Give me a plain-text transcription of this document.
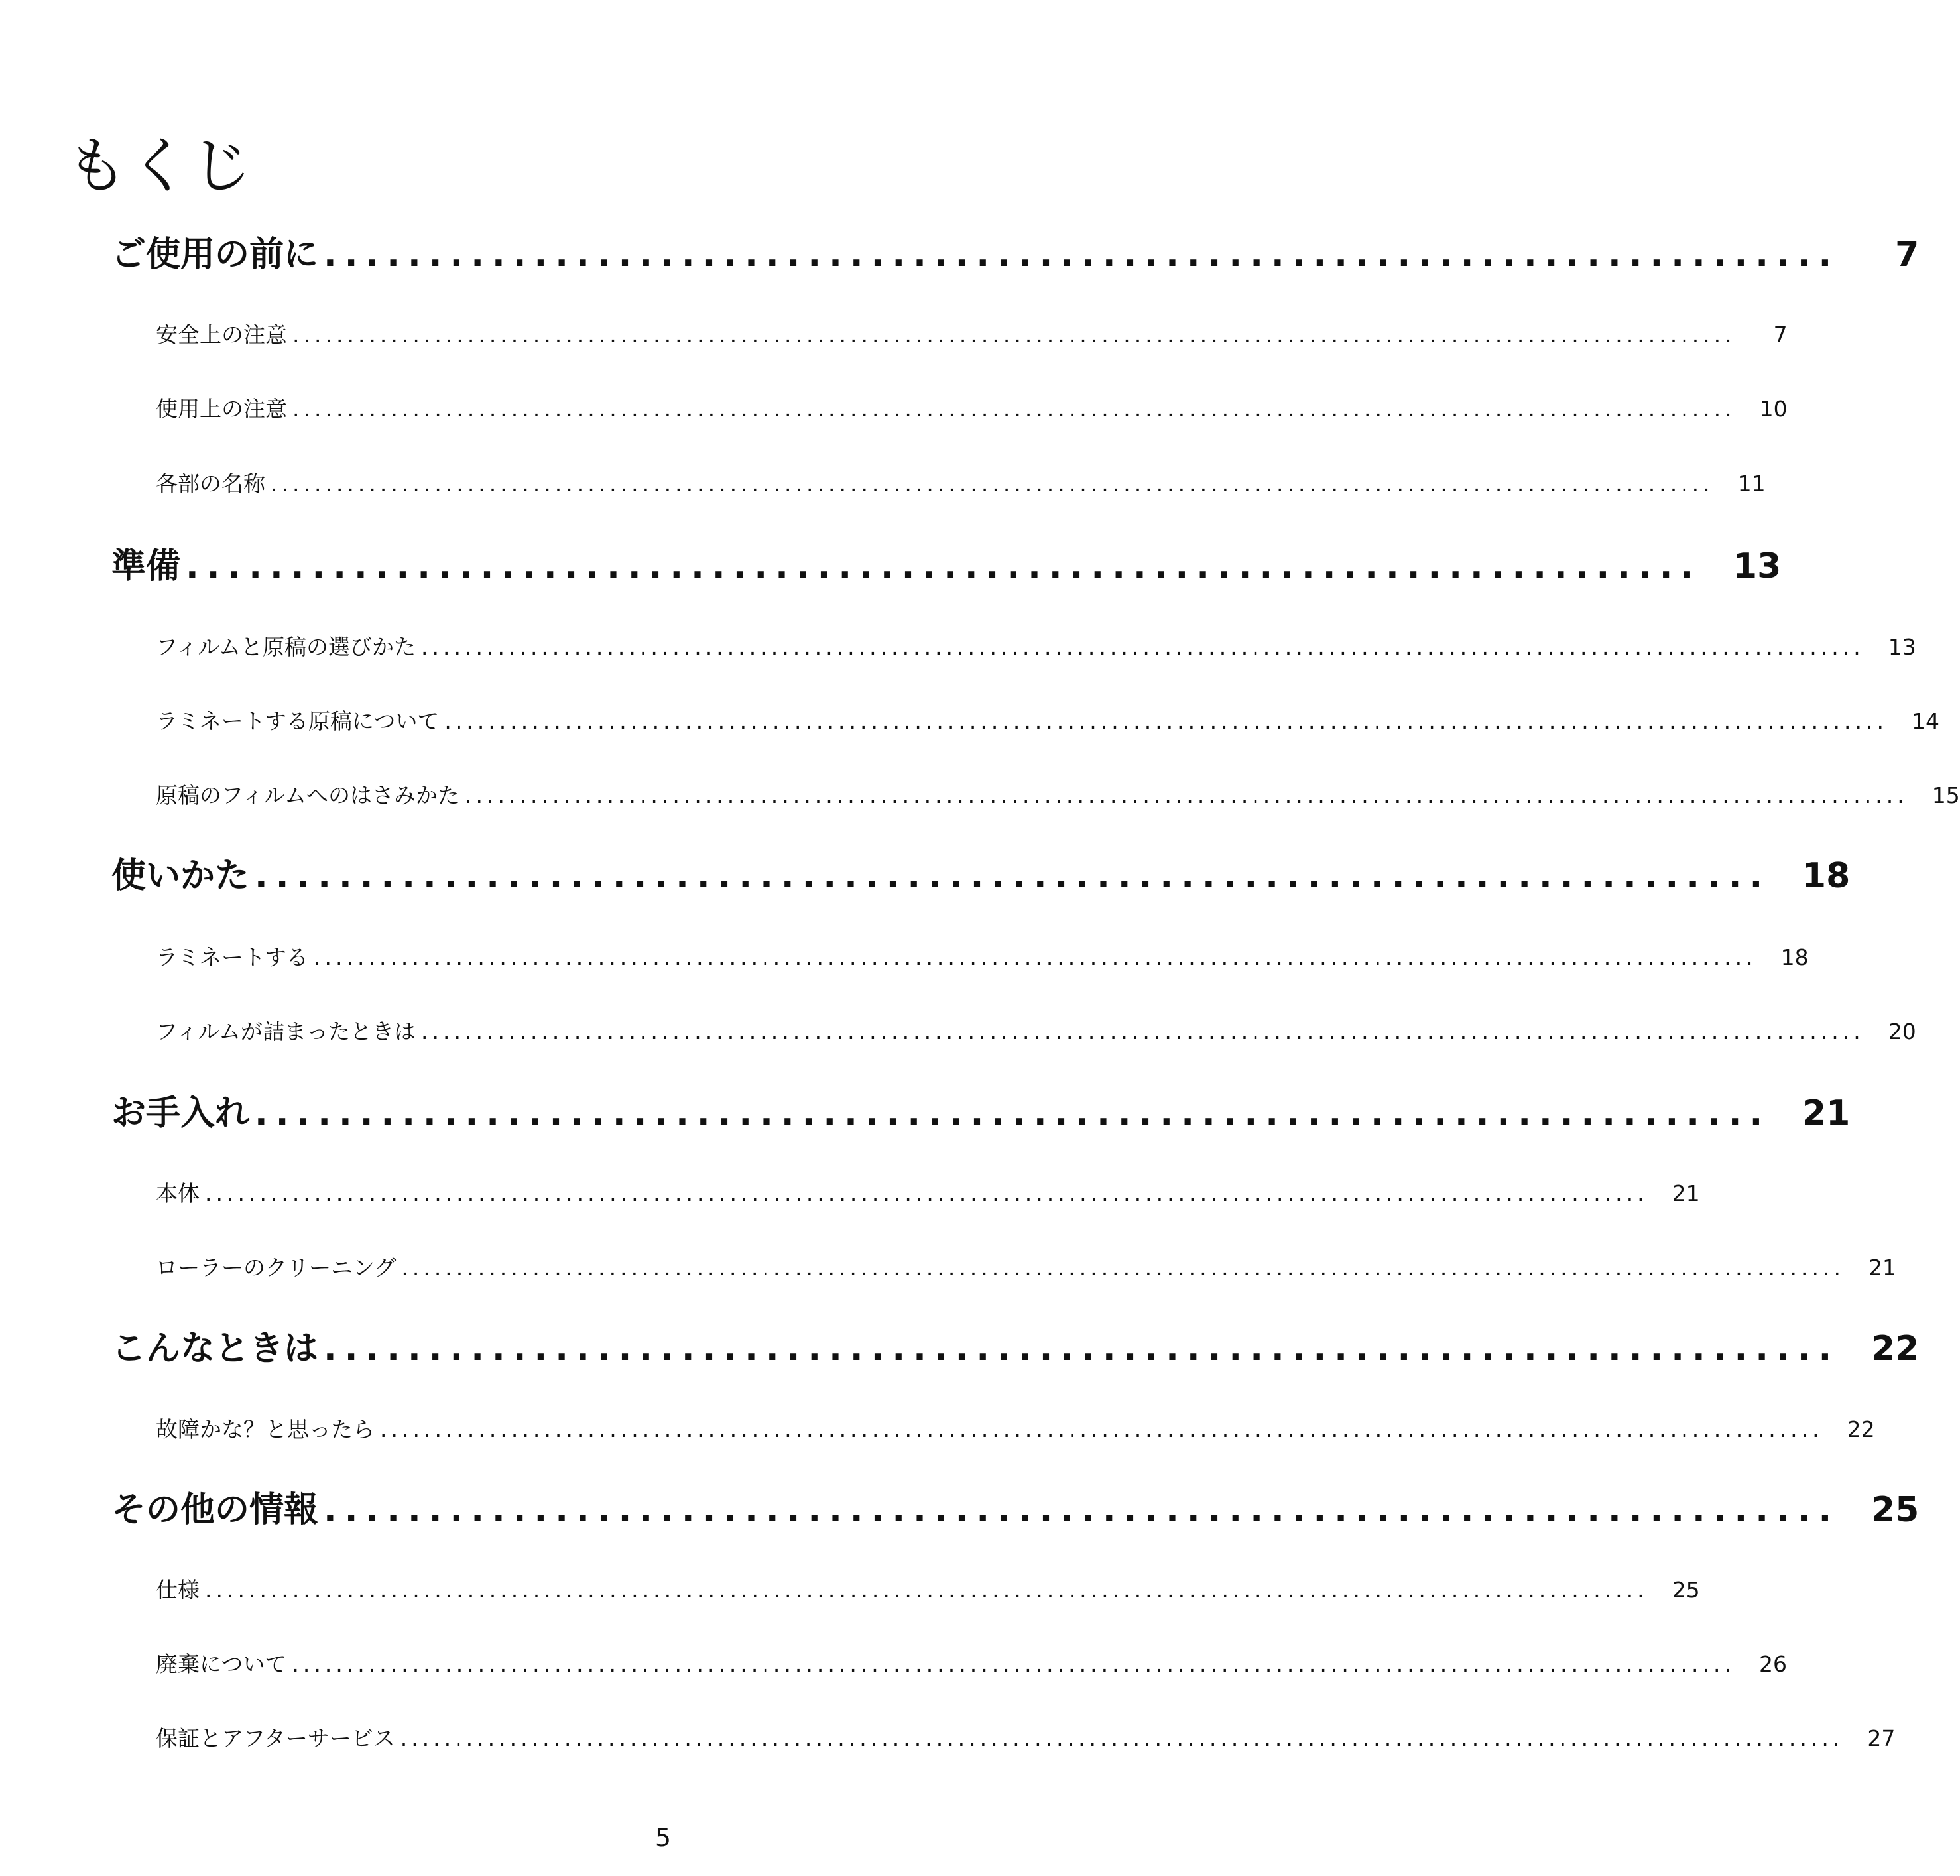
もくじ
ご使用の前に ........................................................................	7
安全上の注意 ....................................................................................................................................	7
使用上の注意 .................................................................................................................................... 10
各部の名称 .................................................................................................................................... 11
準備 ........................................................................ 13
フィルムと原稿の選びかた .................................................................................................................................... 13
ラミネートする原稿について .................................................................................................................................... 14
原稿のフィルムへのはさみかた .................................................................................................................................... 15
使いかた ........................................................................ 18
ラミネートする .................................................................................................................................... 18
フィルムが詰まったときは .................................................................................................................................... 20
お手入れ ........................................................................ 21
本体 .................................................................................................................................... 21
ローラーのクリーニング .................................................................................................................................... 21
こんなときは ........................................................................ 22
故障かな？と思ったら .................................................................................................................................... 22
その他の情報 ........................................................................ 25
仕様 .................................................................................................................................... 25
廃棄について .................................................................................................................................... 26
保証とアフターサービス .................................................................................................................................... 27
5
